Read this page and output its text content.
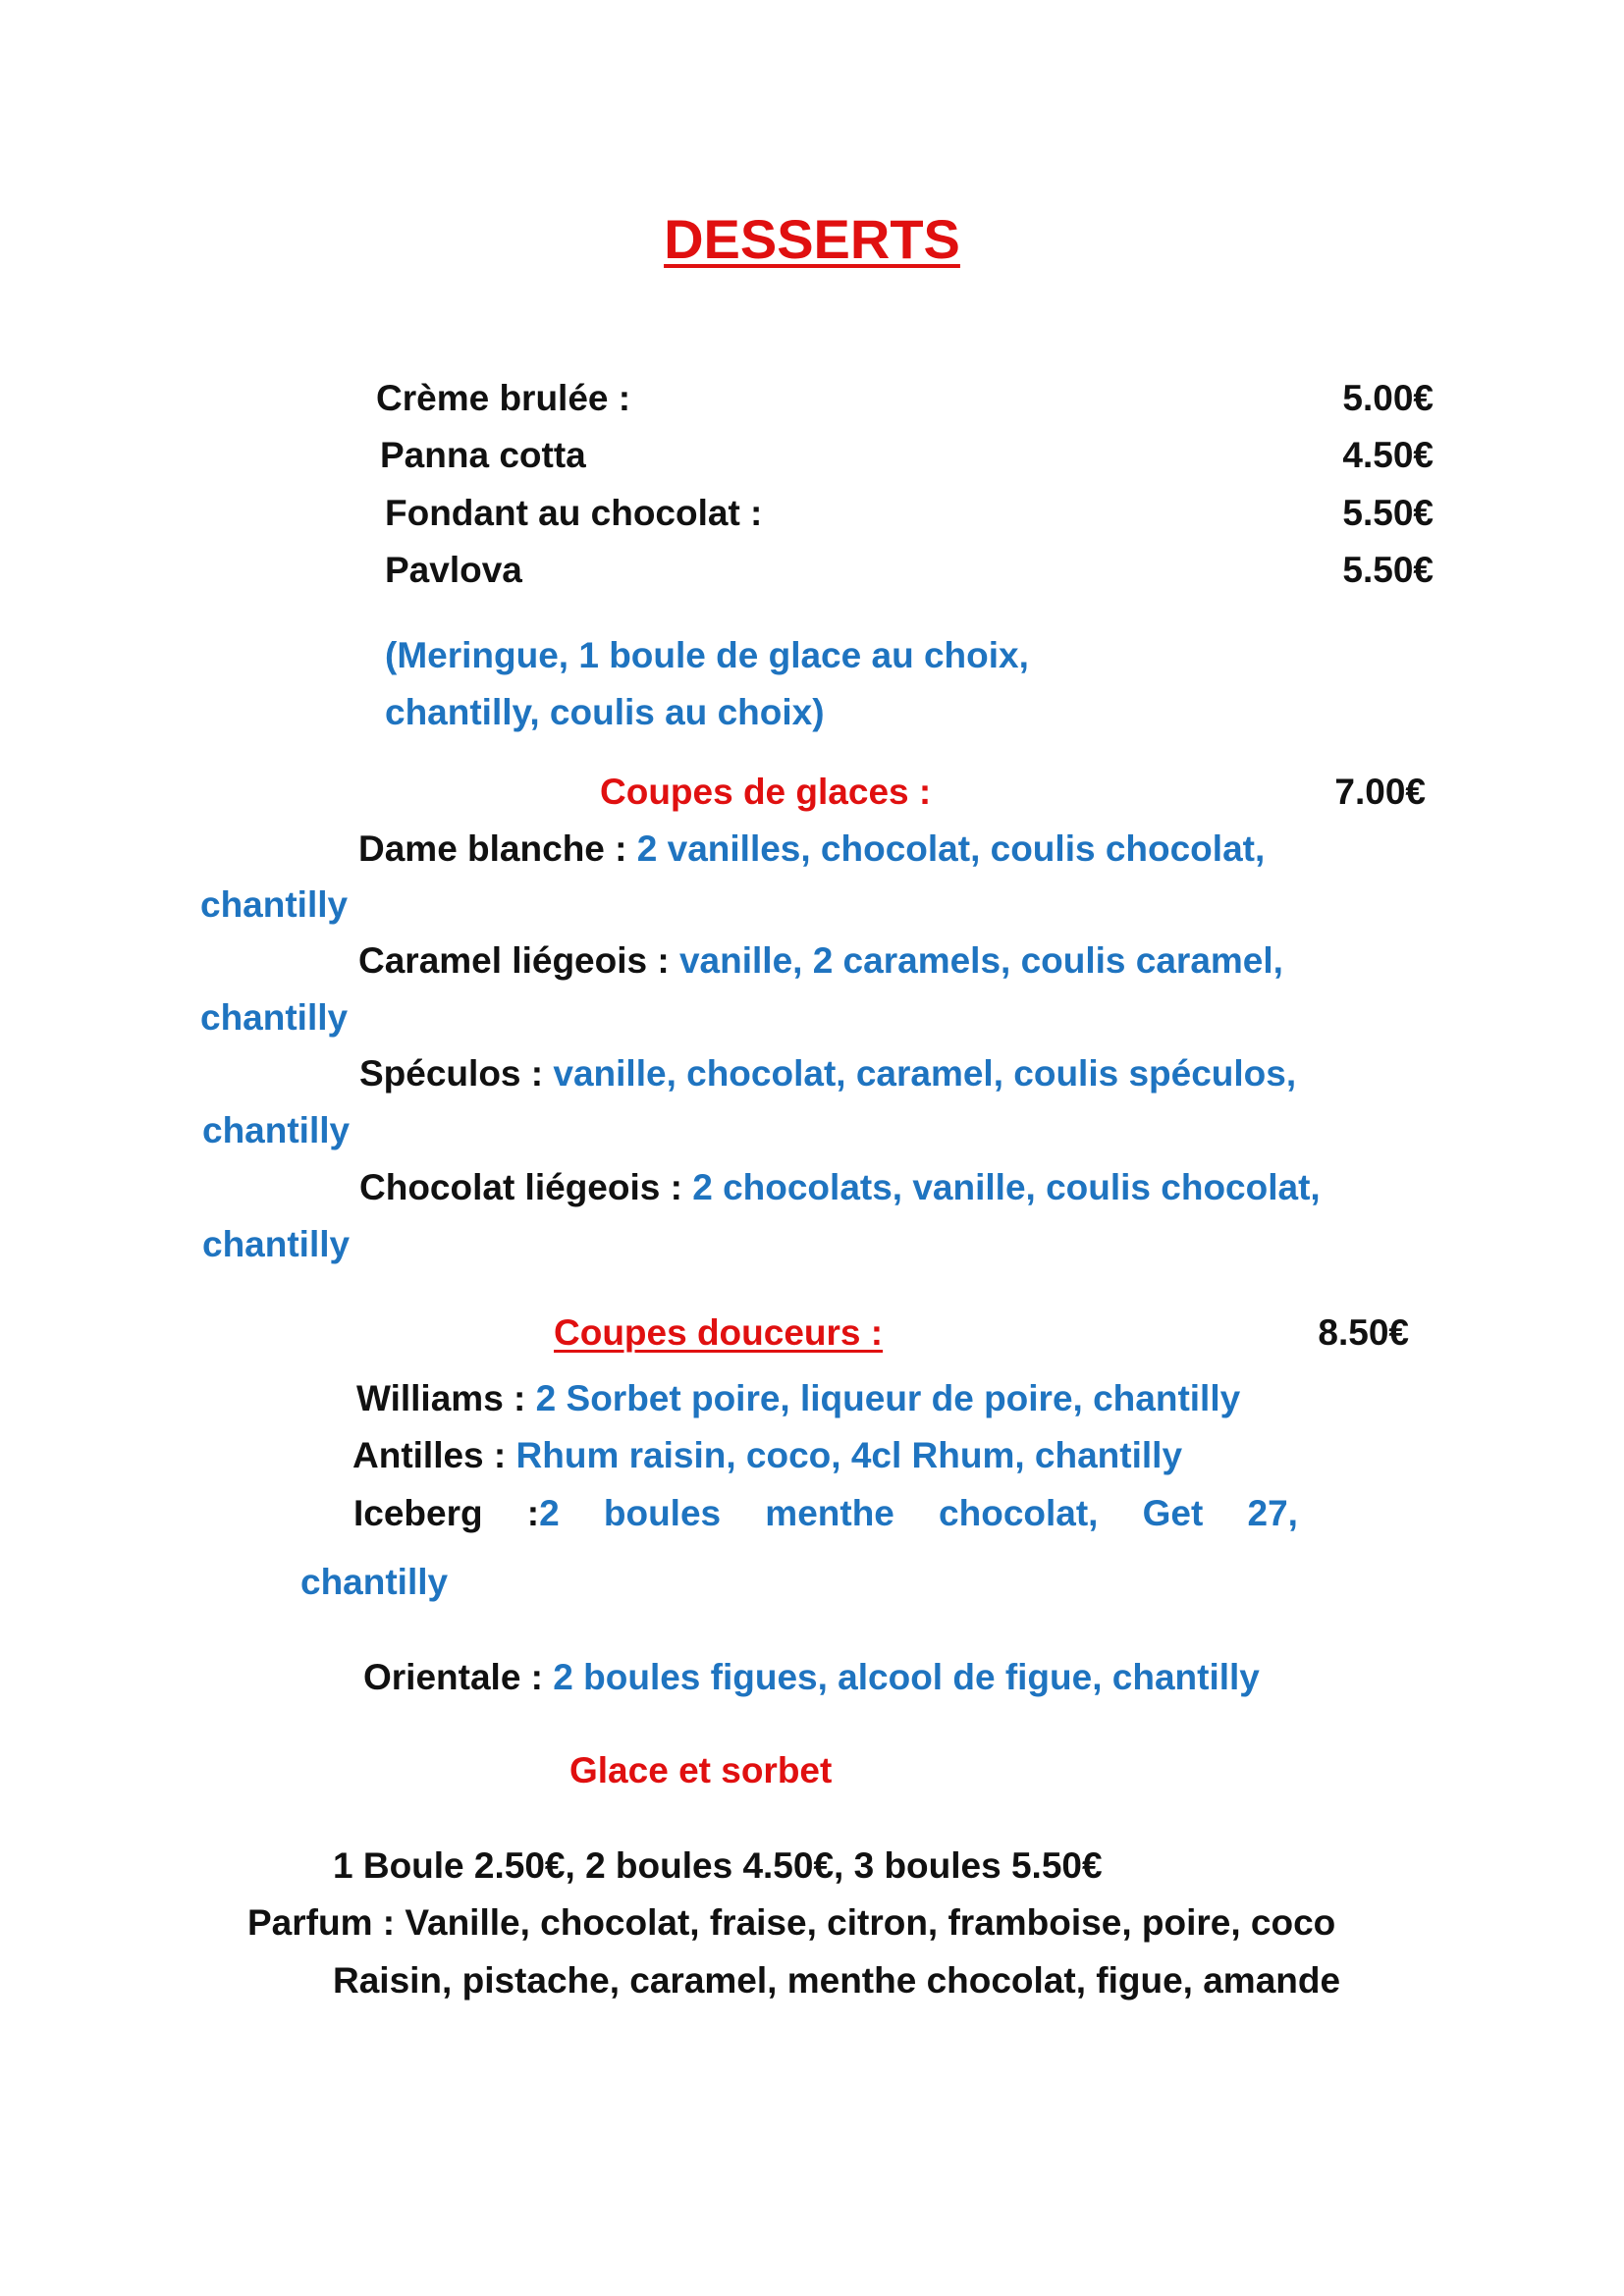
DESSERTS
Crème brulée :	5.00€
Panna cotta	4.50€
Fondant au chocolat :	5.50€
Pavlova	5.50€
(Meringue, 1 boule de glace au choix,
chantilly, coulis au choix)
Coupes de glaces :	7.00€
Dame blanche : 2 vanilles, chocolat, coulis chocolat,
chantilly
Caramel liégeois : vanille, 2 caramels, coulis caramel,
chantilly
Spéculos : vanille, chocolat, caramel, coulis spéculos,
chantilly
Chocolat liégeois : 2 chocolats, vanille, coulis chocolat,
chantilly
Coupes douceurs :	8.50€
Williams : 2 Sorbet poire, liqueur de poire, chantilly
Antilles : Rhum raisin, coco, 4cl Rhum, chantilly
Iceberg :2 boules menthe chocolat, Get 27,
chantilly
Orientale : 2 boules figues, alcool de figue, chantilly
Glace et sorbet
1 Boule 2.50€, 2 boules 4.50€, 3 boules 5.50€
Parfum : Vanille, chocolat, fraise, citron, framboise, poire, coco
Raisin, pistache, caramel, menthe chocolat, figue, amande
